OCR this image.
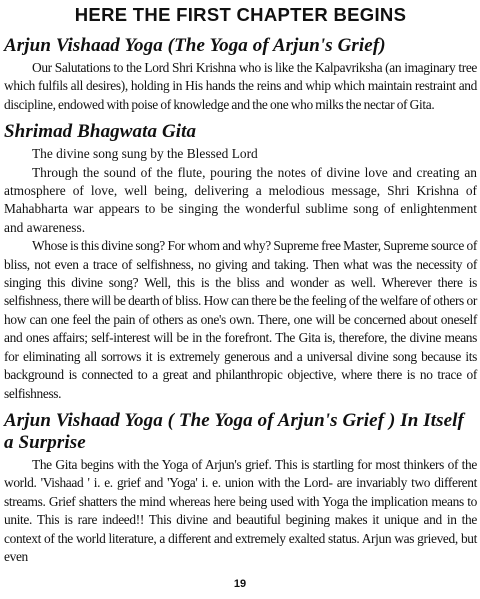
HERE THE FIRST CHAPTER BEGINS
Arjun Vishaad Yoga (The Yoga of Arjun's Grief)

Our Salutations to the Lord Shri Krishna who is like the Kalpavriksha (an imaginary tree which fulfils all desires), holding in His hands the reins and whip which maintain restraint and discipline, endowed with poise of knowledge and the one who milks the nectar of Gita.

Shrimad Bhagwata Gita

The divine song sung by the Blessed Lord

Through the sound of the flute, pouring the notes of divine love and creating an atmosphere of love, well being, delivering a melodious message, Shri Krishna of Mahabharta war appears to be singing the wonderful sublime song of enlightenment and awareness.

Whose is this divine song? For whom and why? Supreme free Master, Supreme source of bliss, not even a trace of selfishness, no giving and taking. Then what was the necessity of singing this divine song? Well, this is the bliss and wonder as well. Wherever there is selfishness, there will be dearth of bliss. How can there be the feeling of the welfare of others or how can one feel the pain of others as one's own. There, one will be concerned about oneself and ones affairs; self-interest will be in the forefront. The Gita is, therefore, the divine means for eliminating all sorrows it is extremely generous and a universal divine song because its background is connected to a great and philanthropic objective, where there is no trace of selfishness.

Arjun Vishaad Yoga ( The Yoga of Arjun's Grief ) In Itself a Surprise

The Gita begins with the Yoga of Arjun's grief. This is startling for most thinkers of the world. 'Vishaad ' i. e. grief and 'Yoga' i. e. union with the Lord- are invariably two different streams. Grief shatters the mind whereas here being used with Yoga the implication means to unite. This is rare indeed!! This divine and beautiful begining makes it unique and in the context of the world literature, a different and extremely exalted status. Arjun was grieved, but even

19
